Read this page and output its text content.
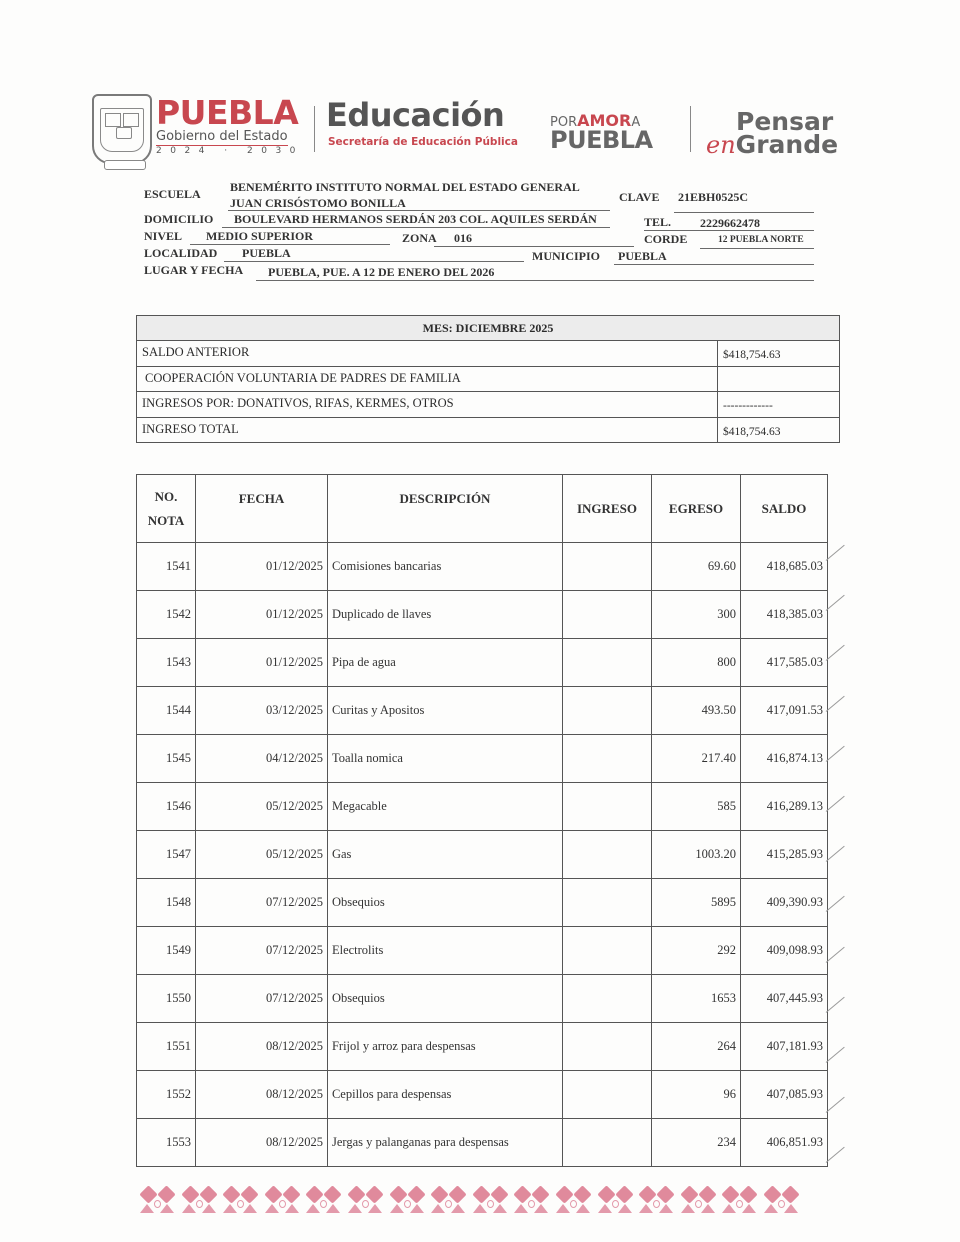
PUEBLA
Gobierno del Estado
2024 · 2030
Educación
Secretaría de Educación Pública
PORAMORA
PUEBLA
Pensar
enGrande
ESCUELA BENEMÉRITO INSTITUTO NORMAL DEL ESTADO GENERAL
JUAN CRISÓSTOMO BONILLA	CLAVE 21EBH0525C
DOMICILIO BOULEVARD HERMANOS SERDÁN 203 COL. AQUILES SERDÁN	TEL. 2229662478
NIVEL MEDIO SUPERIOR	ZONA 016	CORDE	12 PUEBLA NORTE
LOCALIDAD PUEBLA	MUNICIPIO PUEBLA
LUGAR Y FECHA PUEBLA, PUE. A 12 DE ENERO DEL 2026
MES: DICIEMBRE 2025
SALDO ANTERIOR	$418,754.63
COOPERACIÓN VOLUNTARIA DE PADRES DE FAMILIA
INGRESOS POR: DONATIVOS, RIFAS, KERMES, OTROS	-------------
INGRESO TOTAL	$418,754.63
NO.
NOTA	FECHA	DESCRIPCIÓN	INGRESO	EGRESO	SALDO
1541	01/12/2025	Comisiones bancarias		69.60	418,685.03
1542	01/12/2025	Duplicado de llaves		300	418,385.03
1543	01/12/2025	Pipa de agua		800	417,585.03
1544	03/12/2025	Curitas y Apositos		493.50	417,091.53
1545	04/12/2025	Toalla nomica		217.40	416,874.13
1546	05/12/2025	Megacable		585	416,289.13
1547	05/12/2025	Gas		1003.20	415,285.93
1548	07/12/2025	Obsequios		5895	409,390.93
1549	07/12/2025	Electrolits		292	409,098.93
1550	07/12/2025	Obsequios		1653	407,445.93
1551	08/12/2025	Frijol y arroz para despensas		264	407,181.93
1552	08/12/2025	Cepillos para despensas		96	407,085.93
1553	08/12/2025	Jergas y palanganas para despensas		234	406,851.93
